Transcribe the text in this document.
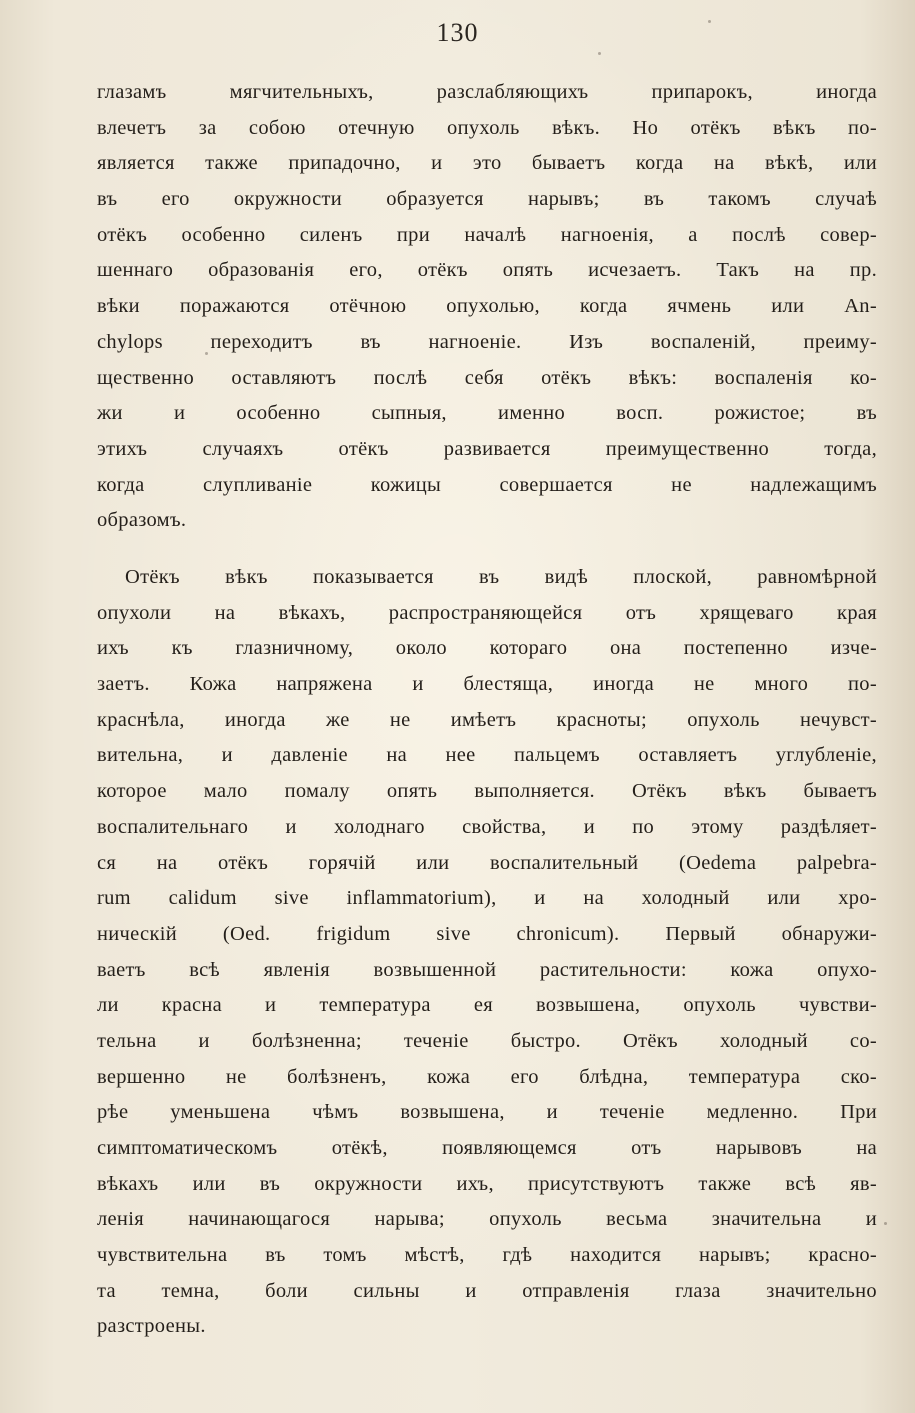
130
глазамъ мягчительныхъ, разслабляющихъ припарокъ, иногда
влечетъ за собою отечную опухоль вѣкъ. Но отёкъ вѣкъ по-
является также припадочно, и это бываетъ когда на вѣкѣ, или
въ его окружности образуется нарывъ; въ такомъ случаѣ
отёкъ особенно силенъ при началѣ нагноенія, а послѣ совер-
шеннаго образованія его, отёкъ опять исчезаетъ. Такъ на пр.
вѣки поражаются отёчною опухолью, когда ячмень или An-
chylops переходитъ въ нагноеніе. Изъ воспаленій, преиму-
щественно оставляютъ послѣ себя отёкъ вѣкъ: воспаленія ко-
жи и особенно сыпныя, именно восп. рожистое; въ
этихъ случаяхъ отёкъ развивается преимущественно тогда,
когда слупливаніе кожицы совершается не надлежащимъ
образомъ.
Отёкъ вѣкъ показывается въ видѣ плоской, равномѣрной
опухоли на вѣкахъ, распространяющейся отъ хрящеваго края
ихъ къ глазничному, около котораго она постепенно изче-
заетъ. Кожа напряжена и блестяща, иногда не много по-
краснѣла, иногда же не имѣетъ красноты; опухоль нечувст-
вительна, и давленіе на нее пальцемъ оставляетъ углубленіе,
которое мало помалу опять выполняется. Отёкъ вѣкъ бываетъ
воспалительнаго и холоднаго свойства, и по этому раздѣляет-
ся на отёкъ горячій или воспалительный (Oedema palpebra-
rum calidum sive inflammatorium), и на холодный или хро-
ническій (Oed. frigidum sive chronicum). Первый обнаружи-
ваетъ всѣ явленія возвышенной растительности: кожа опухо-
ли красна и температура ея возвышена, опухоль чувстви-
тельна и болѣзненна; теченіе быстро. Отёкъ холодный со-
вершенно не болѣзненъ, кожа его блѣдна, температура ско-
рѣе уменьшена чѣмъ возвышена, и теченіе медленно. При
симптоматическомъ отёкѣ, появляющемся отъ нарывовъ на
вѣкахъ или въ окружности ихъ, присутствуютъ также всѣ яв-
ленія начинающагося нарыва; опухоль весьма значительна и
чувствительна въ томъ мѣстѣ, гдѣ находится нарывъ; красно-
та темна, боли сильны и отправленія глаза значительно
разстроены.
